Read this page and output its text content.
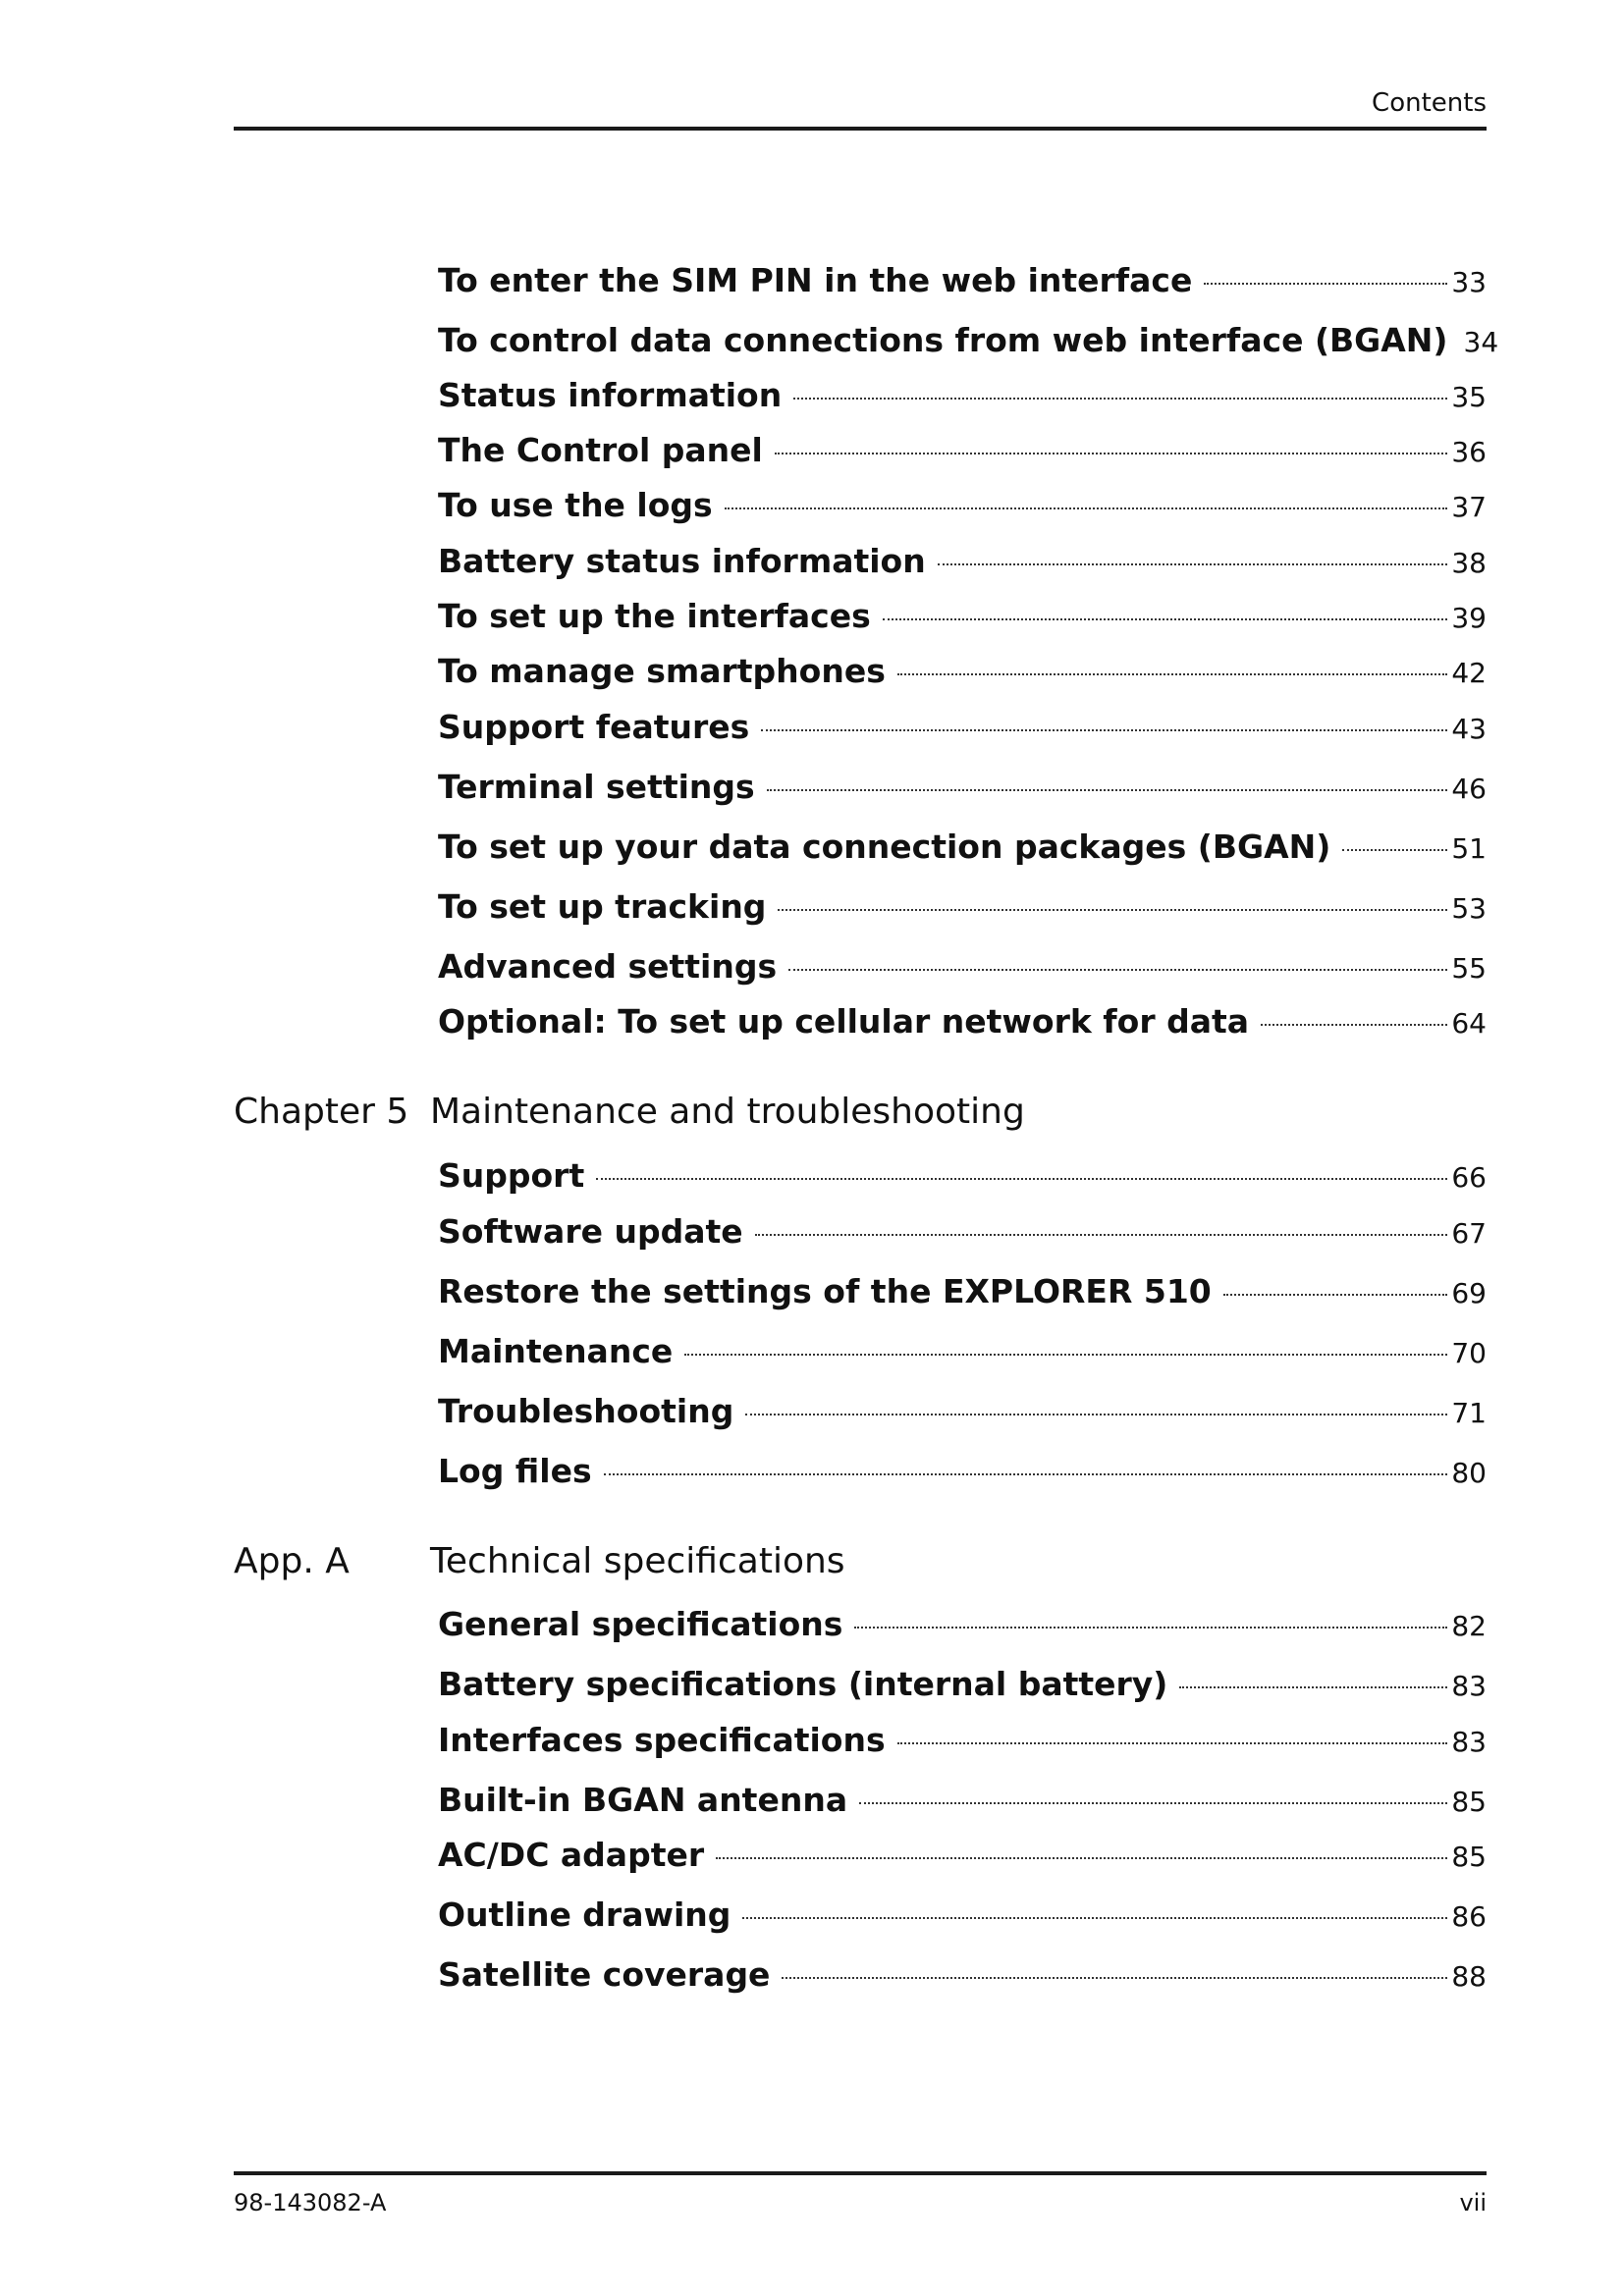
Contents
To enter the SIM PIN in the web interface	33
To control data connections from web interface (BGAN) 34
Status information	35
The Control panel	36
To use the logs	37
Battery status information	38
To set up the interfaces	39
To manage smartphones	42
Support features	43
Terminal settings	46
To set up your data connection packages (BGAN)	51
To set up tracking	53
Advanced settings	55
Optional: To set up cellular network for data	64
Chapter 5 Maintenance and troubleshooting
Support	66
Software update	67
Restore the settings of the EXPLORER 510	69
Maintenance	70
Troubleshooting	71
Log files	80
App. A Technical specifications
General specifications	82
Battery specifications (internal battery)	83
Interfaces specifications	83
Built-in BGAN antenna	85
AC/DC adapter	85
Outline drawing	86
Satellite coverage	88
98-143082-A	vii
